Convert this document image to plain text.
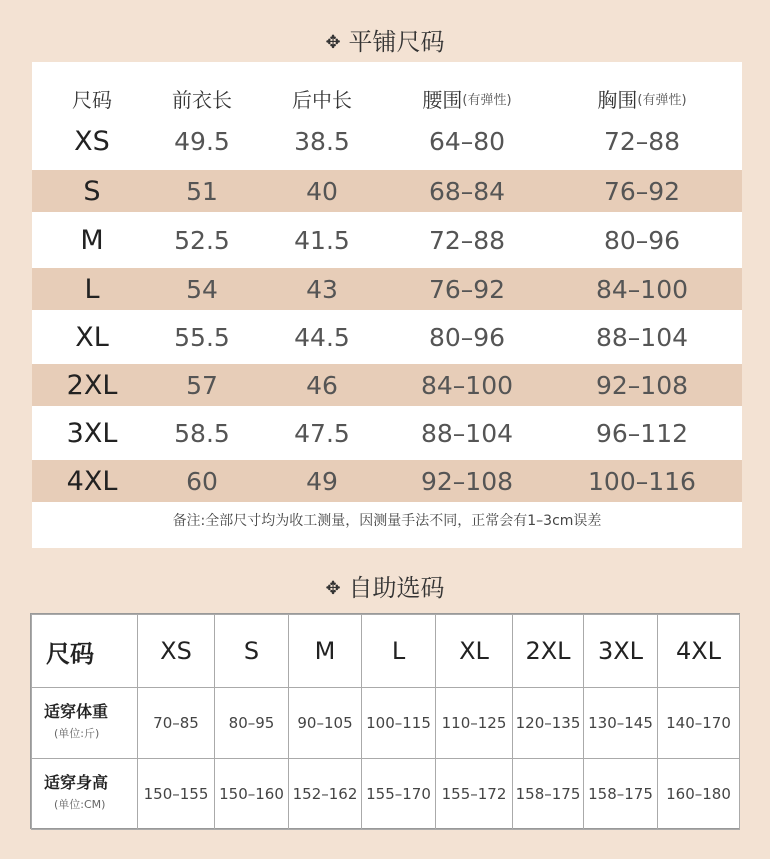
✥ 平铺尺码
尺码	前衣长	后中长	腰围 (有弹性)	胸围 (有弹性)
XS	49.5	38.5	64–80	72–88
S	51	40	68–84	76–92
M	52.5	41.5	72–88	80–96
L	54	43	76–92	84–100
XL	55.5	44.5	80–96	88–104
2XL	57	46	84–100	92–108
3XL	58.5	47.5	88–104	96–112
4XL	60	49	92–108	100–116
备注:全部尺寸均为收工测量，因测量手法不同，正常会有1–3cm误差
✥ 自助选码
尺码	XS	S	M	L	XL	2XL	3XL	4XL

适穿体重
(单位:斤)	70–85	80–95	90–105	100–115	110–125	120–135	130–145	140–170

适穿身高
(单位:CM)	150–155	150–160	152–162	155–170	155–172	158–175	158–175	160–180
